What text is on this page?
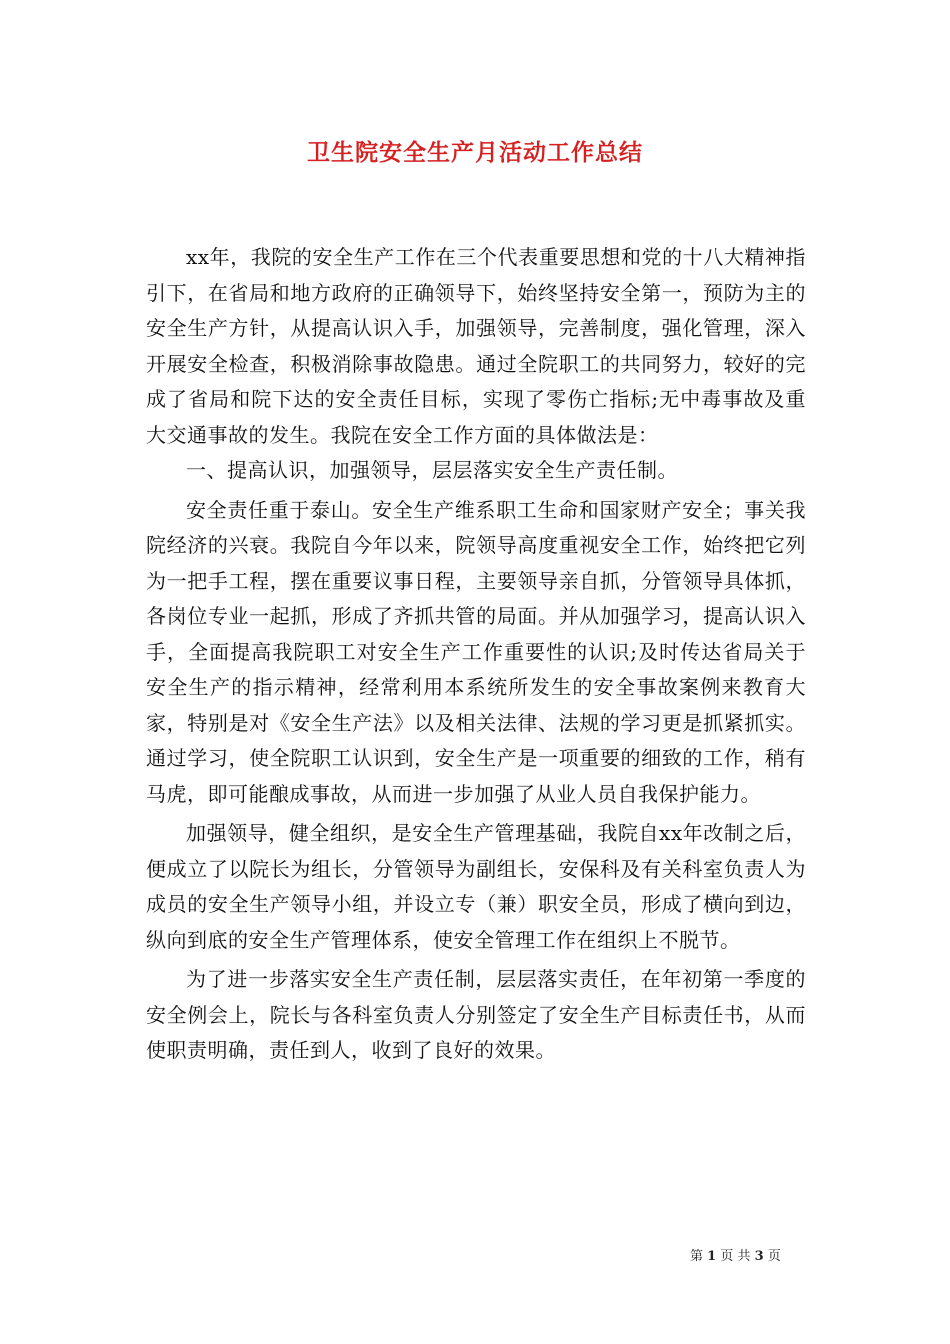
卫生院安全生产月活动工作总结

xx年，我院的安全生产工作在三个代表重要思想和党的十八大精神指引下，在省局和地方政府的正确领导下，始终坚持安全第一，预防为主的安全生产方针，从提高认识入手，加强领导，完善制度，强化管理，深入开展安全检查，积极消除事故隐患。通过全院职工的共同努力，较好的完成了省局和院下达的安全责任目标，实现了零伤亡指标;无中毒事故及重大交通事故的发生。我院在安全工作方面的具体做法是：

一、提高认识，加强领导，层层落实安全生产责任制。

安全责任重于泰山。安全生产维系职工生命和国家财产安全；事关我院经济的兴衰。我院自今年以来，院领导高度重视安全工作，始终把它列为一把手工程，摆在重要议事日程，主要领导亲自抓，分管领导具体抓，各岗位专业一起抓，形成了齐抓共管的局面。并从加强学习，提高认识入手，全面提高我院职工对安全生产工作重要性的认识;及时传达省局关于安全生产的指示精神，经常利用本系统所发生的安全事故案例来教育大家，特别是对《安全生产法》以及相关法律、法规的学习更是抓紧抓实。通过学习，使全院职工认识到，安全生产是一项重要的细致的工作，稍有马虎，即可能酿成事故，从而进一步加强了从业人员自我保护能力。

加强领导，健全组织，是安全生产管理基础，我院自xx年改制之后，便成立了以院长为组长，分管领导为副组长，安保科及有关科室负责人为成员的安全生产领导小组，并设立专（兼）职安全员，形成了横向到边，纵向到底的安全生产管理体系，使安全管理工作在组织上不脱节。

为了进一步落实安全生产责任制，层层落实责任，在年初第一季度的安全例会上，院长与各科室负责人分别签定了安全生产目标责任书，从而使职责明确，责任到人，收到了良好的效果。

第 1 页 共 3 页
